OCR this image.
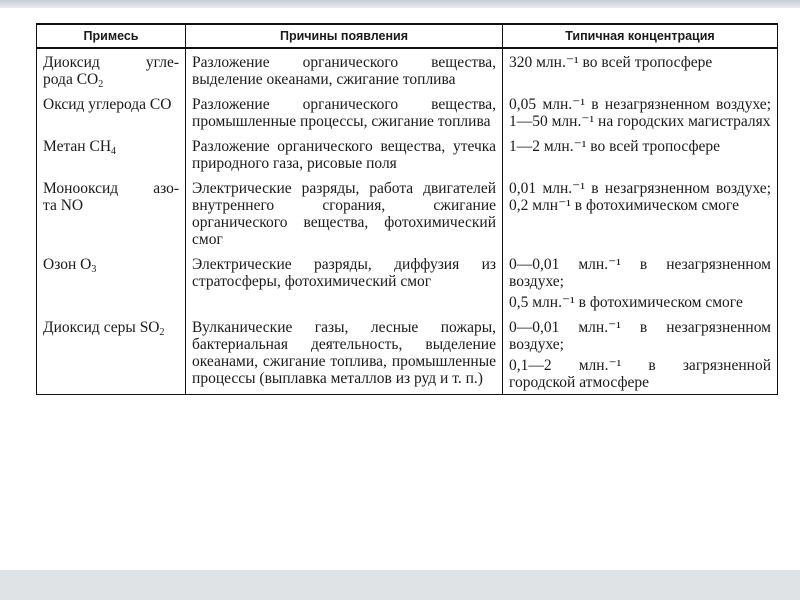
Примесь	Причины появления	Типичная концентрация

Диоксид угле-
рода $CO_2$	Разложение органического вещества, выделение океанами, сжигание топлива	320 млн.⁻¹ во всей тропосфере

Оксид углерода CO	Разложение органического вещества, промышленные процессы, сжигание топлива	0,05 млн.⁻¹ в незагрязненном воздухе; 1—50 млн.⁻¹ на городских магистралях

Метан $CH_4$	Разложение органического вещества, утечка природного газа, рисовые поля	1—2 млн.⁻¹ во всей тропосфере

Монооксид азо-
та NO	Электрические разряды, работа двигателей внутреннего сгорания, сжигание органического вещества, фотохимический смог	0,01 млн.⁻¹ в незагрязненном воздухе; 0,2 млн⁻¹ в фотохимическом смоге

Озон $O_3$	Электрические разряды, диффузия из стратосферы, фотохимический смог	0—0,01 млн.⁻¹ в незагрязненном воздухе;
0,5 млн.⁻¹ в фотохимическом смоге

Диоксид серы $SO_2$	Вулканические газы, лесные пожары, бактериальная деятельность, выделение океанами, сжигание топлива, промышленные процессы (выплавка металлов из руд и т. п.)	0—0,01 млн.⁻¹ в незагрязненном воздухе;
0,1—2 млн.⁻¹ в загрязненной городской атмосфере
